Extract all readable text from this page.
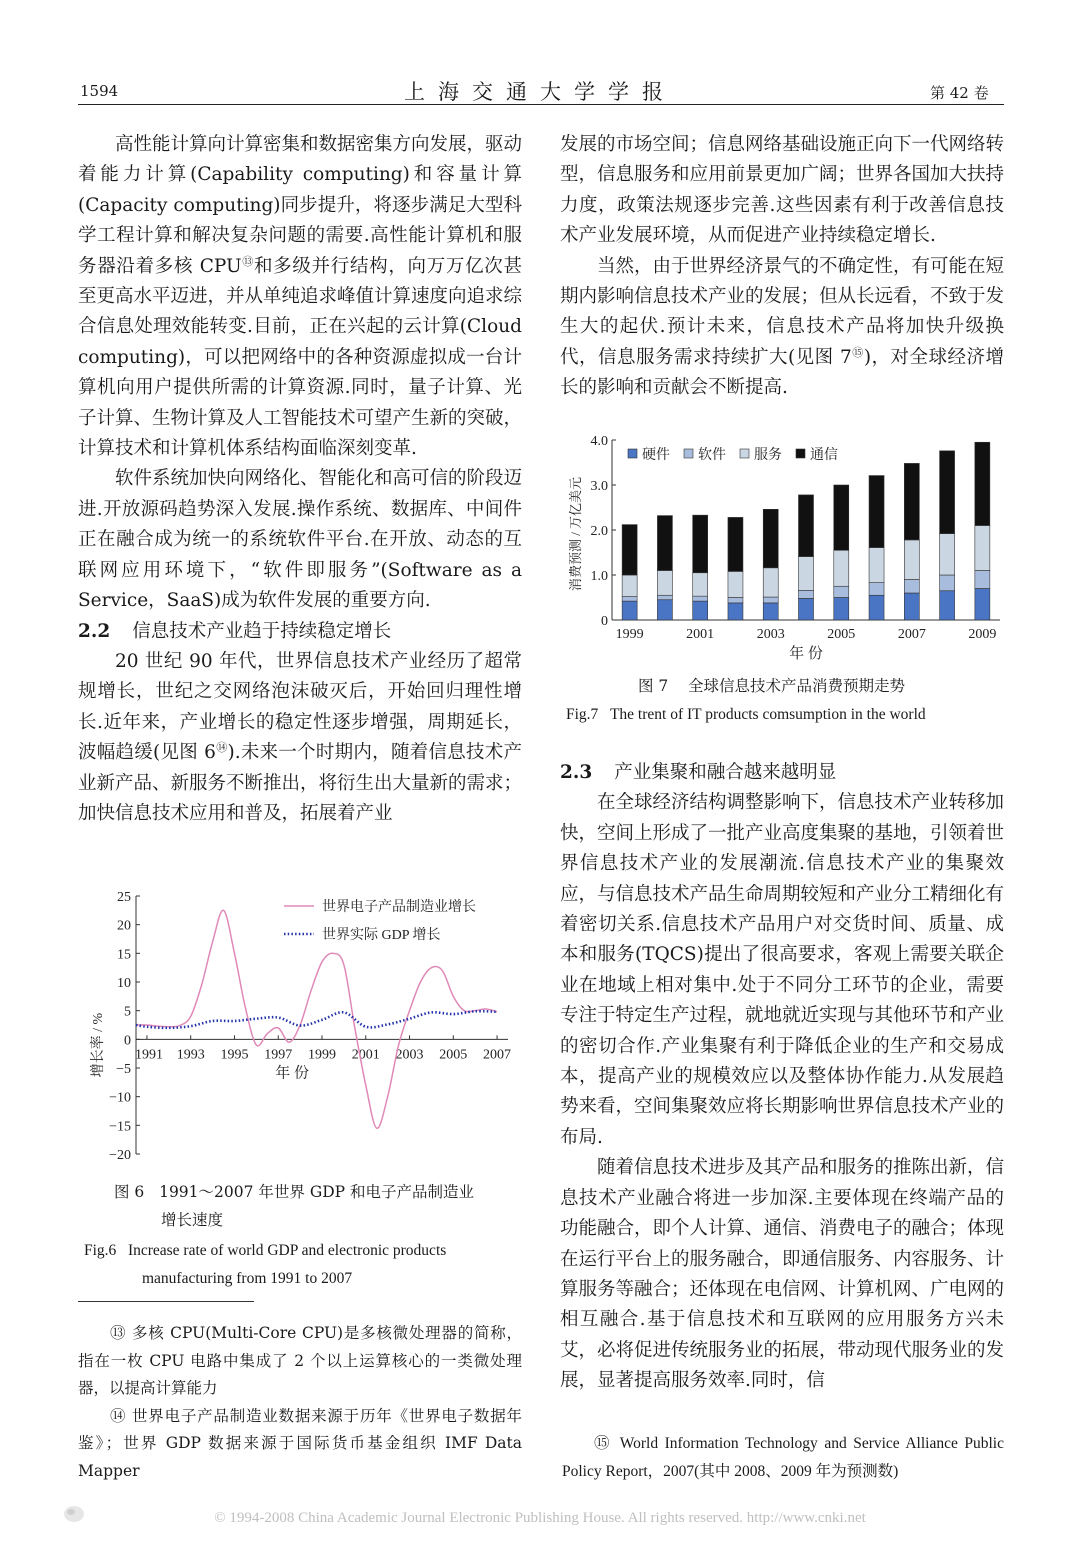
1594	上海交通大学学报	第 42 卷

高性能计算向计算密集和数据密集方向发展，驱动着能力计算(Capability computing)和容量计算(Capacity computing)同步提升，将逐步满足大型科学工程计算和解决复杂问题的需要.高性能计算机和服务器沿着多核 CPU⑬和多级并行结构，向万万亿次甚至更高水平迈进，并从单纯追求峰值计算速度向追求综合信息处理效能转变.目前，正在兴起的云计算(Cloud computing)，可以把网络中的各种资源虚拟成一台计算机向用户提供所需的计算资源.同时，量子计算、光子计算、生物计算及人工智能技术可望产生新的突破，计算技术和计算机体系结构面临深刻变革.

软件系统加快向网络化、智能化和高可信的阶段迈进.开放源码趋势深入发展.操作系统、数据库、中间件正在融合成为统一的系统软件平台.在开放、动态的互联网应用环境下，“软件即服务”(Software as a Service，SaaS)成为软件发展的重要方向.

2.2 信息技术产业趋于持续稳定增长

20 世纪 90 年代，世界信息技术产业经历了超常规增长，世纪之交网络泡沫破灭后，开始回归理性增长.近年来，产业增长的稳定性逐步增强，周期延长，波幅趋缓(见图 6⑭).未来一个时期内，随着信息技术产业新产品、新服务不断推出，将衍生出大量新的需求；加快信息技术应用和普及，拓展着产业

−20
−15
−10
−5
0
5
10
15
20
25
1991 1993 1995 1997 1999 2001 2003 2005 2007
年 份
增长率 / %
世界电子产品制造业增长
世界实际 GDP 增长
图 6 1991～2007 年世界 GDP 和电子产品制造业
增长速度
Fig.6 Increase rate of world GDP and electronic products
manufacturing from 1991 to 2007

⑬ 多核 CPU(Multi-Core CPU)是多核微处理器的简称，指在一枚 CPU 电路中集成了 2 个以上运算核心的一类微处理器，以提高计算能力

⑭ 世界电子产品制造业数据来源于历年《世界电子数据年鉴》；世界 GDP 数据来源于国际货币基金组织 IMF Data Mapper

发展的市场空间；信息网络基础设施正向下一代网络转型，信息服务和应用前景更加广阔；世界各国加大扶持力度，政策法规逐步完善.这些因素有利于改善信息技术产业发展环境，从而促进产业持续稳定增长.

当然，由于世界经济景气的不确定性，有可能在短期内影响信息技术产业的发展；但从长远看，不致于发生大的起伏.预计未来，信息技术产品将加快升级换代，信息服务需求持续扩大(见图 7⑮)，对全球经济增长的影响和贡献会不断提高.

0
1.0
2.0
3.0
4.0
1999	2001	2003	2005	2007	2009
年 份
消费预测 / 万亿美元
硬件 软件 服务 通信
图 7 全球信息技术产品消费预期走势
Fig.7 The trent of IT products comsumption in the world
2.3 产业集聚和融合越来越明显

在全球经济结构调整影响下，信息技术产业转移加快，空间上形成了一批产业高度集聚的基地，引领着世界信息技术产业的发展潮流.信息技术产业的集聚效应，与信息技术产品生命周期较短和产业分工精细化有着密切关系.信息技术产品用户对交货时间、质量、成本和服务(TQCS)提出了很高要求，客观上需要关联企业在地域上相对集中.处于不同分工环节的企业，需要专注于特定生产过程，就地就近实现与其他环节和产业的密切合作.产业集聚有利于降低企业的生产和交易成本，提高产业的规模效应以及整体协作能力.从发展趋势来看，空间集聚效应将长期影响世界信息技术产业的布局.

随着信息技术进步及其产品和服务的推陈出新，信息技术产业融合将进一步加深.主要体现在终端产品的功能融合，即个人计算、通信、消费电子的融合；体现在运行平台上的服务融合，即通信服务、内容服务、计算服务等融合；还体现在电信网、计算机网、广电网的相互融合.基于信息技术和互联网的应用服务方兴未艾，必将促进传统服务业的拓展，带动现代服务业的发展，显著提高服务效率.同时，信

⑮ World Information Technology and Service Alliance Public Policy Report，2007(其中 2008、2009 年为预测数)

© 1994-2008 China Academic Journal Electronic Publishing House. All rights reserved. http://www.cnki.net
